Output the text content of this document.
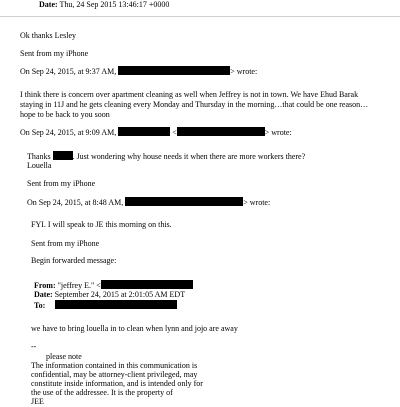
Date: Thu, 24 Sep 2015 13:46:17 +0000
Ok thanks Lesley
Sent from my iPhone
On Sep 24, 2015, at 9:37 AM,	> wrote:
I think there is concern over apartment cleaning as well when Jeffrey is not in town. We have Ehud Barak
staying in 11J and he gets cleaning every Monday and Thursday in the morning…that could be one reason…
hope to be back to you soon
On Sep 24, 2015, at 9:09 AM,	<	> wrote:
Thanks	. Just wondering why house needs it when there are more workers there?
Louella
Sent from my iPhone
On Sep 24, 2015, at 8:48 AM,	> wrote:
FYI. I will speak to JE this morning on this.
Sent from my iPhone
Begin forwarded message:
From: "jeffrey E." <
Date: September 24, 2015 at 2:01:05 AM EDT
To:
we have to bring louella in to clean when lynn and jojo are away
--
please note
The information contained in this communication is
confidential, may be attorney-client privileged, may
constitute inside information, and is intended only for
the use of the addressee. It is the property of
JEE
